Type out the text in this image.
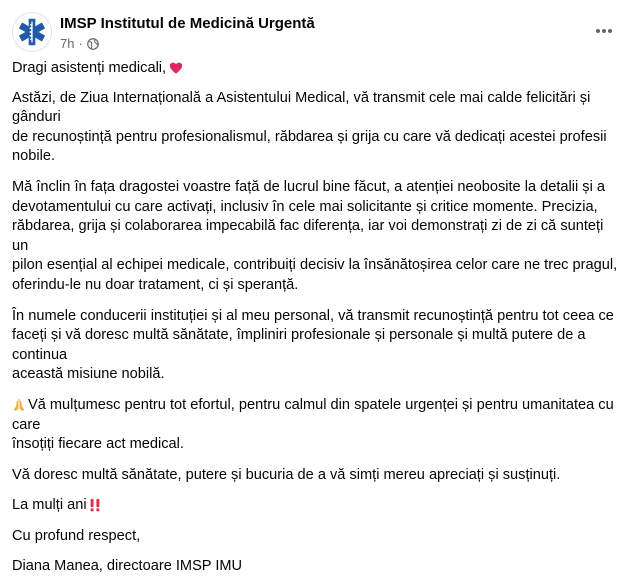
IMSP Institutul de Medicină Urgentă
7h ·

Dragi asistenți medicali,

Astăzi, de Ziua Internațională a Asistentului Medical, vă transmit cele mai calde felicitări și gânduri
de recunoștință pentru profesionalismul, răbdarea și grija cu care vă dedicați acestei profesii nobile.

Mă înclin în fața dragostei voastre față de lucrul bine făcut, a atenției neobosite la detalii și a
devotamentului cu care activați, inclusiv în cele mai solicitante și critice momente. Precizia,
răbdarea, grija și colaborarea impecabilă fac diferența, iar voi demonstrați zi de zi că sunteți un
pilon esențial al echipei medicale, contribuiți decisiv la însănătoșirea celor care ne trec pragul,
oferindu-le nu doar tratament, ci și speranță.

În numele conducerii instituției și al meu personal, vă transmit recunoștință pentru tot ceea ce
faceți și vă doresc multă sănătate, împliniri profesionale și personale și multă putere de a continua
această misiune nobilă.

Vă mulțumesc pentru tot efortul, pentru calmul din spatele urgenței și pentru umanitatea cu care
însoțiți fiecare act medical.

Vă doresc multă sănătate, putere și bucuria de a vă simți mereu apreciați și susținuți.

La mulți ani

Cu profund respect,

Diana Manea, directoare IMSP IMU
